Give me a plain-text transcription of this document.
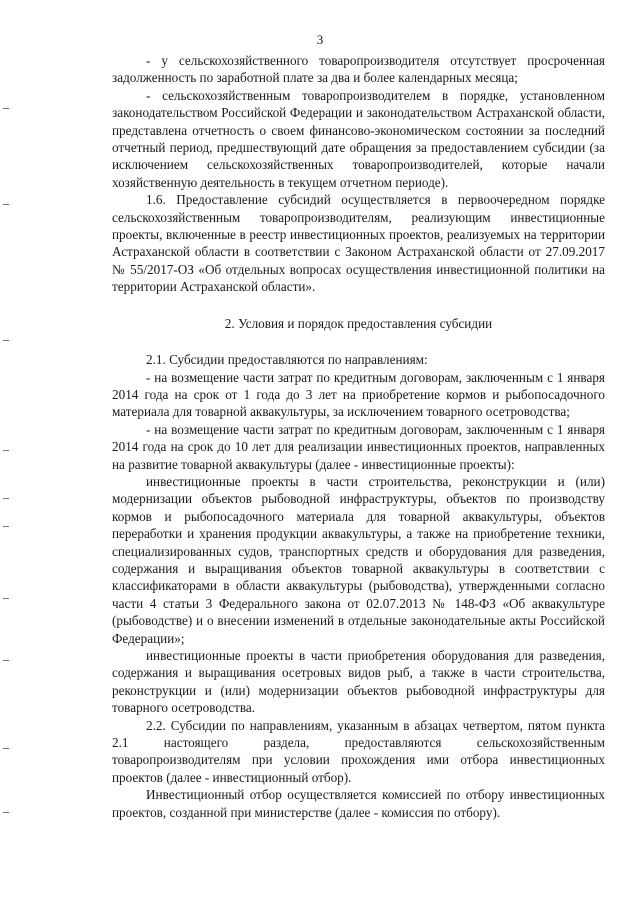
3

- у сельскохозяйственного товаропроизводителя отсутствует просроченная задолженность по заработной плате за два и более календарных месяца;

- сельскохозяйственным товаропроизводителем в порядке, установленном законодательством Российской Федерации и законодательством Астраханской области, представлена отчетность о своем финансово-экономическом состоянии за последний отчетный период, предшествующий дате обращения за предоставлением субсидии (за исключением сельскохозяйственных товаропроизводителей, которые начали хозяйственную деятельность в текущем отчетном периоде).

1.6. Предоставление субсидий осуществляется в первоочередном порядке сельскохозяйственным товаропроизводителям, реализующим инвестиционные проекты, включенные в реестр инвестиционных проектов, реализуемых на территории Астраханской области в соответствии с Законом Астраханской области от 27.09.2017 № 55/2017-ОЗ «Об отдельных вопросах осуществления инвестиционной политики на территории Астраханской области».

2. Условия и порядок предоставления субсидии

2.1. Субсидии предоставляются по направлениям:

- на возмещение части затрат по кредитным договорам, заключенным с 1 января 2014 года на срок от 1 года до 3 лет на приобретение кормов и рыбопосадочного материала для товарной аквакультуры, за исключением товарного осетроводства;

- на возмещение части затрат по кредитным договорам, заключенным с 1 января 2014 года на срок до 10 лет для реализации инвестиционных проектов, направленных на развитие товарной аквакультуры (далее - инвестиционные проекты):

инвестиционные проекты в части строительства, реконструкции и (или) модернизации объектов рыбоводной инфраструктуры, объектов по производству кормов и рыбопосадочного материала для товарной аквакультуры, объектов переработки и хранения продукции аквакультуры, а также на приобретение техники, специализированных судов, транспортных средств и оборудования для разведения, содержания и выращивания объектов товарной аквакультуры в соответствии с классификаторами в области аквакультуры (рыбоводства), утвержденными согласно части 4 статьи 3 Федерального закона от 02.07.2013 № 148-ФЗ «Об аквакультуре (рыбоводстве) и о внесении изменений в отдельные законодательные акты Российской Федерации»;

инвестиционные проекты в части приобретения оборудования для разведения, содержания и выращивания осетровых видов рыб, а также в части строительства, реконструкции и (или) модернизации объектов рыбоводной инфраструктуры для товарного осетроводства.

2.2. Субсидии по направлениям, указанным в абзацах четвертом, пятом пункта 2.1 настоящего раздела, предоставляются сельскохозяйственным товаропроизводителям при условии прохождения ими отбора инвестиционных проектов (далее - инвестиционный отбор).

Инвестиционный отбор осуществляется комиссией по отбору инвестиционных проектов, созданной при министерстве (далее - комиссия по отбору).
